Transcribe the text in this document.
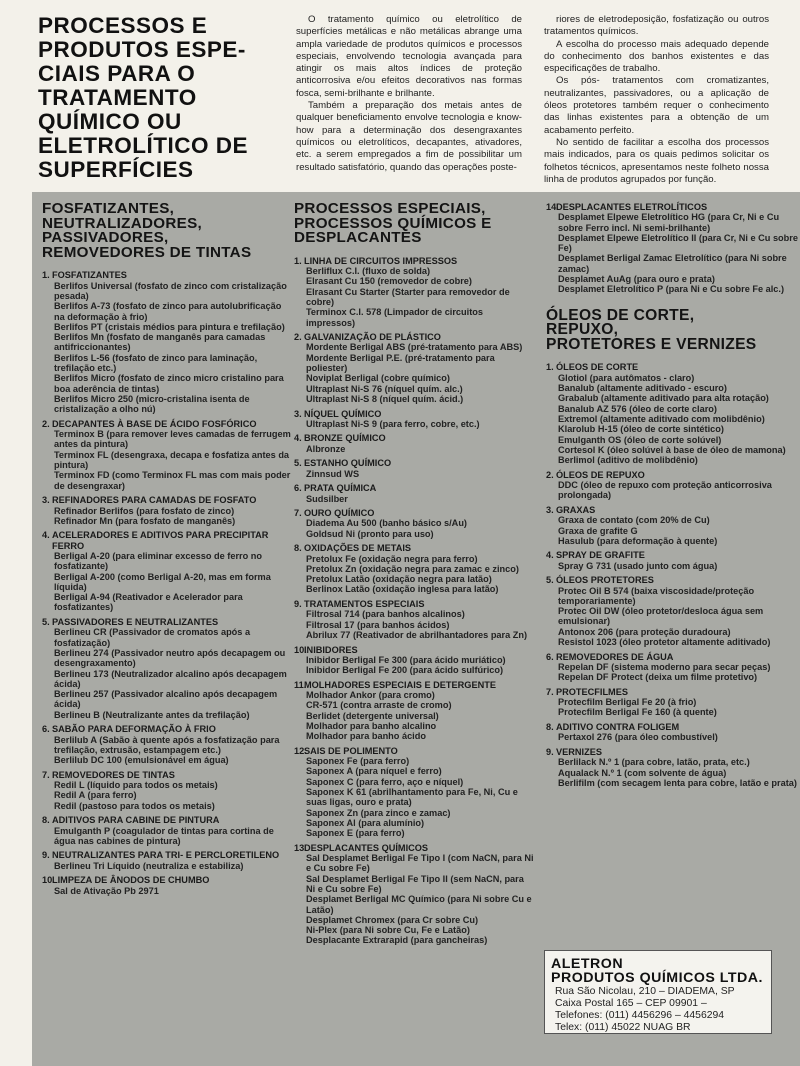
PROCESSOS E
PRODUTOS ESPE-
CIAIS PARA O
TRATAMENTO
QUÍMICO OU
ELETROLÍTICO DE
SUPERFÍCIES

O tratamento químico ou eletrolítico de superfícies metálicas e não metálicas abrange uma ampla variedade de produtos químicos e processos especiais, envolvendo tecnologia avançada para atingir os mais altos índices de proteção anticorrosiva e/ou efeitos decorativos nas formas fosca, semi-brilhante e brilhante.

Também a preparação dos metais antes de qualquer beneficiamento envolve tecnologia e know-how para a determinação dos desengraxantes químicos ou eletrolíticos, decapantes, ativadores, etc. a serem empregados a fim de possibilitar um resultado satisfatório, quando das operações poste-

riores de eletrodeposição, fosfatização ou outros tratamentos químicos.

A escolha do processo mais adequado depende do conhecimento dos banhos existentes e das especificações de trabalho.

Os pós- tratamentos com cromatizantes, neutralizantes, passivadores, ou a aplicação de óleos protetores também requer o conhecimento das linhas existentes para a obtenção de um acabamento perfeito.

No sentido de facilitar a escolha dos processos mais indicados, para os quais pedimos solicitar os folhetos técnicos, apresentamos neste folheto nossa linha de produtos agrupados por função.

FOSFATIZANTES,
NEUTRALIZADORES,
PASSIVADORES,
REMOVEDORES DE TINTAS
1. FOSFATIZANTES
Berlifos Universal (fosfato de zinco com cristalização pesada)
Berlifos A-73 (fosfato de zinco para autolubrificação na deformação à frio)
Berlifos PT (cristais médios para pintura e trefilação)
Berlifos Mn (fosfato de manganês para camadas antifriccionantes)
Berlifos L-56 (fosfato de zinco para laminação, trefilação etc.)
Berlifos Micro (fosfato de zinco micro cristalino para boa aderência de tintas)
Berlifos Micro 250 (micro-cristalina isenta de cristalização a olho nú)
2. DECAPANTES À BASE DE ÁCIDO FOSFÓRICO
Terminox B (para remover leves camadas de ferrugem antes da pintura)
Terminox FL (desengraxa, decapa e fosfatiza antes da pintura)
Terminox FD (como Terminox FL mas com mais poder de desengraxar)
3. REFINADORES PARA CAMADAS DE FOSFATO
Refinador Berlifos (para fosfato de zinco)
Refinador Mn (para fosfato de manganês)
4. ACELERADORES E ADITIVOS PARA PRECIPITAR FERRO
Berligal A-20 (para eliminar excesso de ferro no fosfatizante)
Berligal A-200 (como Berligal A-20, mas em forma líquida)
Berligal A-94 (Reativador e Acelerador para fosfatizantes)
5. PASSIVADORES E NEUTRALIZANTES
Berlineu CR (Passivador de cromatos após a fosfatização)
Berlineu 274 (Passivador neutro após decapagem ou desengraxamento)
Berlineu 173 (Neutralizador alcalino após decapagem ácida)
Berlineu 257 (Passivador alcalino após decapagem ácida)
Berlineu B (Neutralizante antes da trefilação)
6. SABÃO PARA DEFORMAÇÃO À FRIO
Berlilub A (Sabão à quente após a fosfatização para trefilação, extrusão, estampagem etc.)
Berlilub DC 100 (emulsionável em água)
7. REMOVEDORES DE TINTAS
Redil L (líquido para todos os metais)
Redil A (para ferro)
Redil (pastoso para todos os metais)
8. ADITIVOS PARA CABINE DE PINTURA
Emulganth P (coagulador de tintas para cortina de água nas cabines de pintura)
9. NEUTRALIZANTES PARA TRI- E PERCLORETILENO
Berlineu Tri Líquido (neutraliza e estabiliza)
10.
LIMPEZA DE ÂNODOS DE CHUMBO
Sal de Ativação Pb 2971
PROCESSOS ESPECIAIS,
PROCESSOS QUÍMICOS E
DESPLACANTES
1. LINHA DE CIRCUITOS IMPRESSOS
Berliflux C.I. (fluxo de solda)
Elrasant Cu 150 (removedor de cobre)
Elrasant Cu Starter (Starter para removedor de cobre)
Terminox C.I. 578 (Limpador de circuitos impressos)
2. GALVANIZAÇÃO DE PLÁSTICO
Mordente Berligal ABS (pré-tratamento para ABS)
Mordente Berligal P.E. (pré-tratamento para poliester)
Noviplat Berligal (cobre químico)
Ultraplast Ni-S 76 (níquel quím. alc.)
Ultraplast Ni-S 8 (níquel quím. ácid.)
3. NÍQUEL QUÍMICO
Ultraplast Ni-S 9 (para ferro, cobre, etc.)
4. BRONZE QUÍMICO
Albronze
5. ESTANHO QUÍMICO
Zinnsud WS
6. PRATA QUÍMICA
Sudsilber
7. OURO QUÍMICO
Diadema Au 500 (banho básico s/Au)
Goldsud Ni (pronto para uso)
8. OXIDAÇÕES DE METAIS
Pretolux Fe (oxidação negra para ferro)
Pretolux Zn (oxidação negra para zamac e zinco)
Pretolux Latão (oxidação negra para latão)
Berlinox Latão (oxidação inglesa para latão)
9. TRATAMENTOS ESPECIAIS
Filtrosal 714 (para banhos alcalinos)
Filtrosal 17 (para banhos ácidos)
Abrilux 77 (Reativador de abrilhantadores para Zn)
10.
INIBIDORES
Inibidor Berligal Fe 300 (para ácido muriático)
Inibidor Berligal Fe 200 (para ácido sulfúrico)
11.
MOLHADORES ESPECIAIS E DETERGENTE
Molhador Ankor (para cromo)
CR-571 (contra arraste de cromo)
Berlidet (detergente universal)
Molhador para banho alcalino
Molhador para banho ácido
12.
SAIS DE POLIMENTO
Saponex Fe (para ferro)
Saponex A (para níquel e ferro)
Saponex C (para ferro, aço e níquel)
Saponex K 61 (abrilhantamento para Fe, Ni, Cu e suas ligas, ouro e prata)
Saponex Zn (para zinco e zamac)
Saponex Al (para alumínio)
Saponex E (para ferro)
13.
DESPLACANTES QUÍMICOS
Sal Desplamet Berligal Fe Tipo I (com NaCN, para Ni e Cu sobre Fe)
Sal Desplamet Berligal Fe Tipo II (sem NaCN, para Ni e Cu sobre Fe)
Desplamet Berligal MC Químico (para Ni sobre Cu e Latão)
Desplamet Chromex (para Cr sobre Cu)
Ni-Plex (para Ni sobre Cu, Fe e Latão)
Desplacante Extrarapid (para gancheiras)
14.
DESPLACANTES ELETROLÍTICOS
Desplamet Elpewe Eletrolítico HG (para Cr, Ni e Cu sobre Ferro incl. Ni semi-brilhante)
Desplamet Elpewe Eletrolítico II (para Cr, Ni e Cu sobre Fe)
Desplamet Berligal Zamac Eletrolítico (para Ni sobre zamac)
Desplamet AuAg (para ouro e prata)
Desplamet Eletrolítico P (para Ni e Cu sobre Fe alc.)
ÓLEOS DE CORTE,
REPUXO,
PROTETORES E VERNIZES
1. ÓLEOS DE CORTE
Glotiol (para autômatos - claro)
Banalub (altamente aditivado - escuro)
Grabalub (altamente aditivado para alta rotação)
Banalub AZ 576 (óleo de corte claro)
Extremol (altamente aditivado com molibdênio)
Klarolub H-15 (óleo de corte sintético)
Emulganth OS (óleo de corte solúvel)
Cortesol K (óleo solúvel à base de óleo de mamona)
Berlimol (aditivo de molibdênio)
2. ÓLEOS DE REPUXO
DDC (óleo de repuxo com proteção anticorrosiva prolongada)
3. GRAXAS
Graxa de contato (com 20% de Cu)
Graxa de grafite G
Hasulub (para deformação à quente)
4. SPRAY DE GRAFITE
Spray G 731 (usado junto com água)
5. ÓLEOS PROTETORES
Protec Oil B 574 (baixa viscosidade/proteção temporariamente)
Protec Oil DW (óleo protetor/desloca água sem emulsionar)
Antonox 206 (para proteção duradoura)
Resistol 1023 (óleo protetor altamente aditivado)
6. REMOVEDORES DE ÁGUA
Repelan DF (sistema moderno para secar peças)
Repelan DF Protect (deixa um filme protetivo)
7. PROTECFILMES
Protecfilm Berligal Fe 20 (à frio)
Protecfilm Berligal Fe 160 (à quente)
8. ADITIVO CONTRA FOLIGEM
Pertaxol 276 (para óleo combustível)
9. VERNIZES
Berlilack N.º 1 (para cobre, latão, prata, etc.)
Aqualack N.º 1 (com solvente de água)
Berlifilm (com secagem lenta para cobre, latão e prata)
ALETRON
PRODUTOS QUÍMICOS LTDA.
Rua São Nicolau, 210 – DIADEMA, SP
Caixa Postal 165 – CEP 09901 –
Telefones: (011) 4456296 – 4456294
Telex: (011) 45022 NUAG BR
